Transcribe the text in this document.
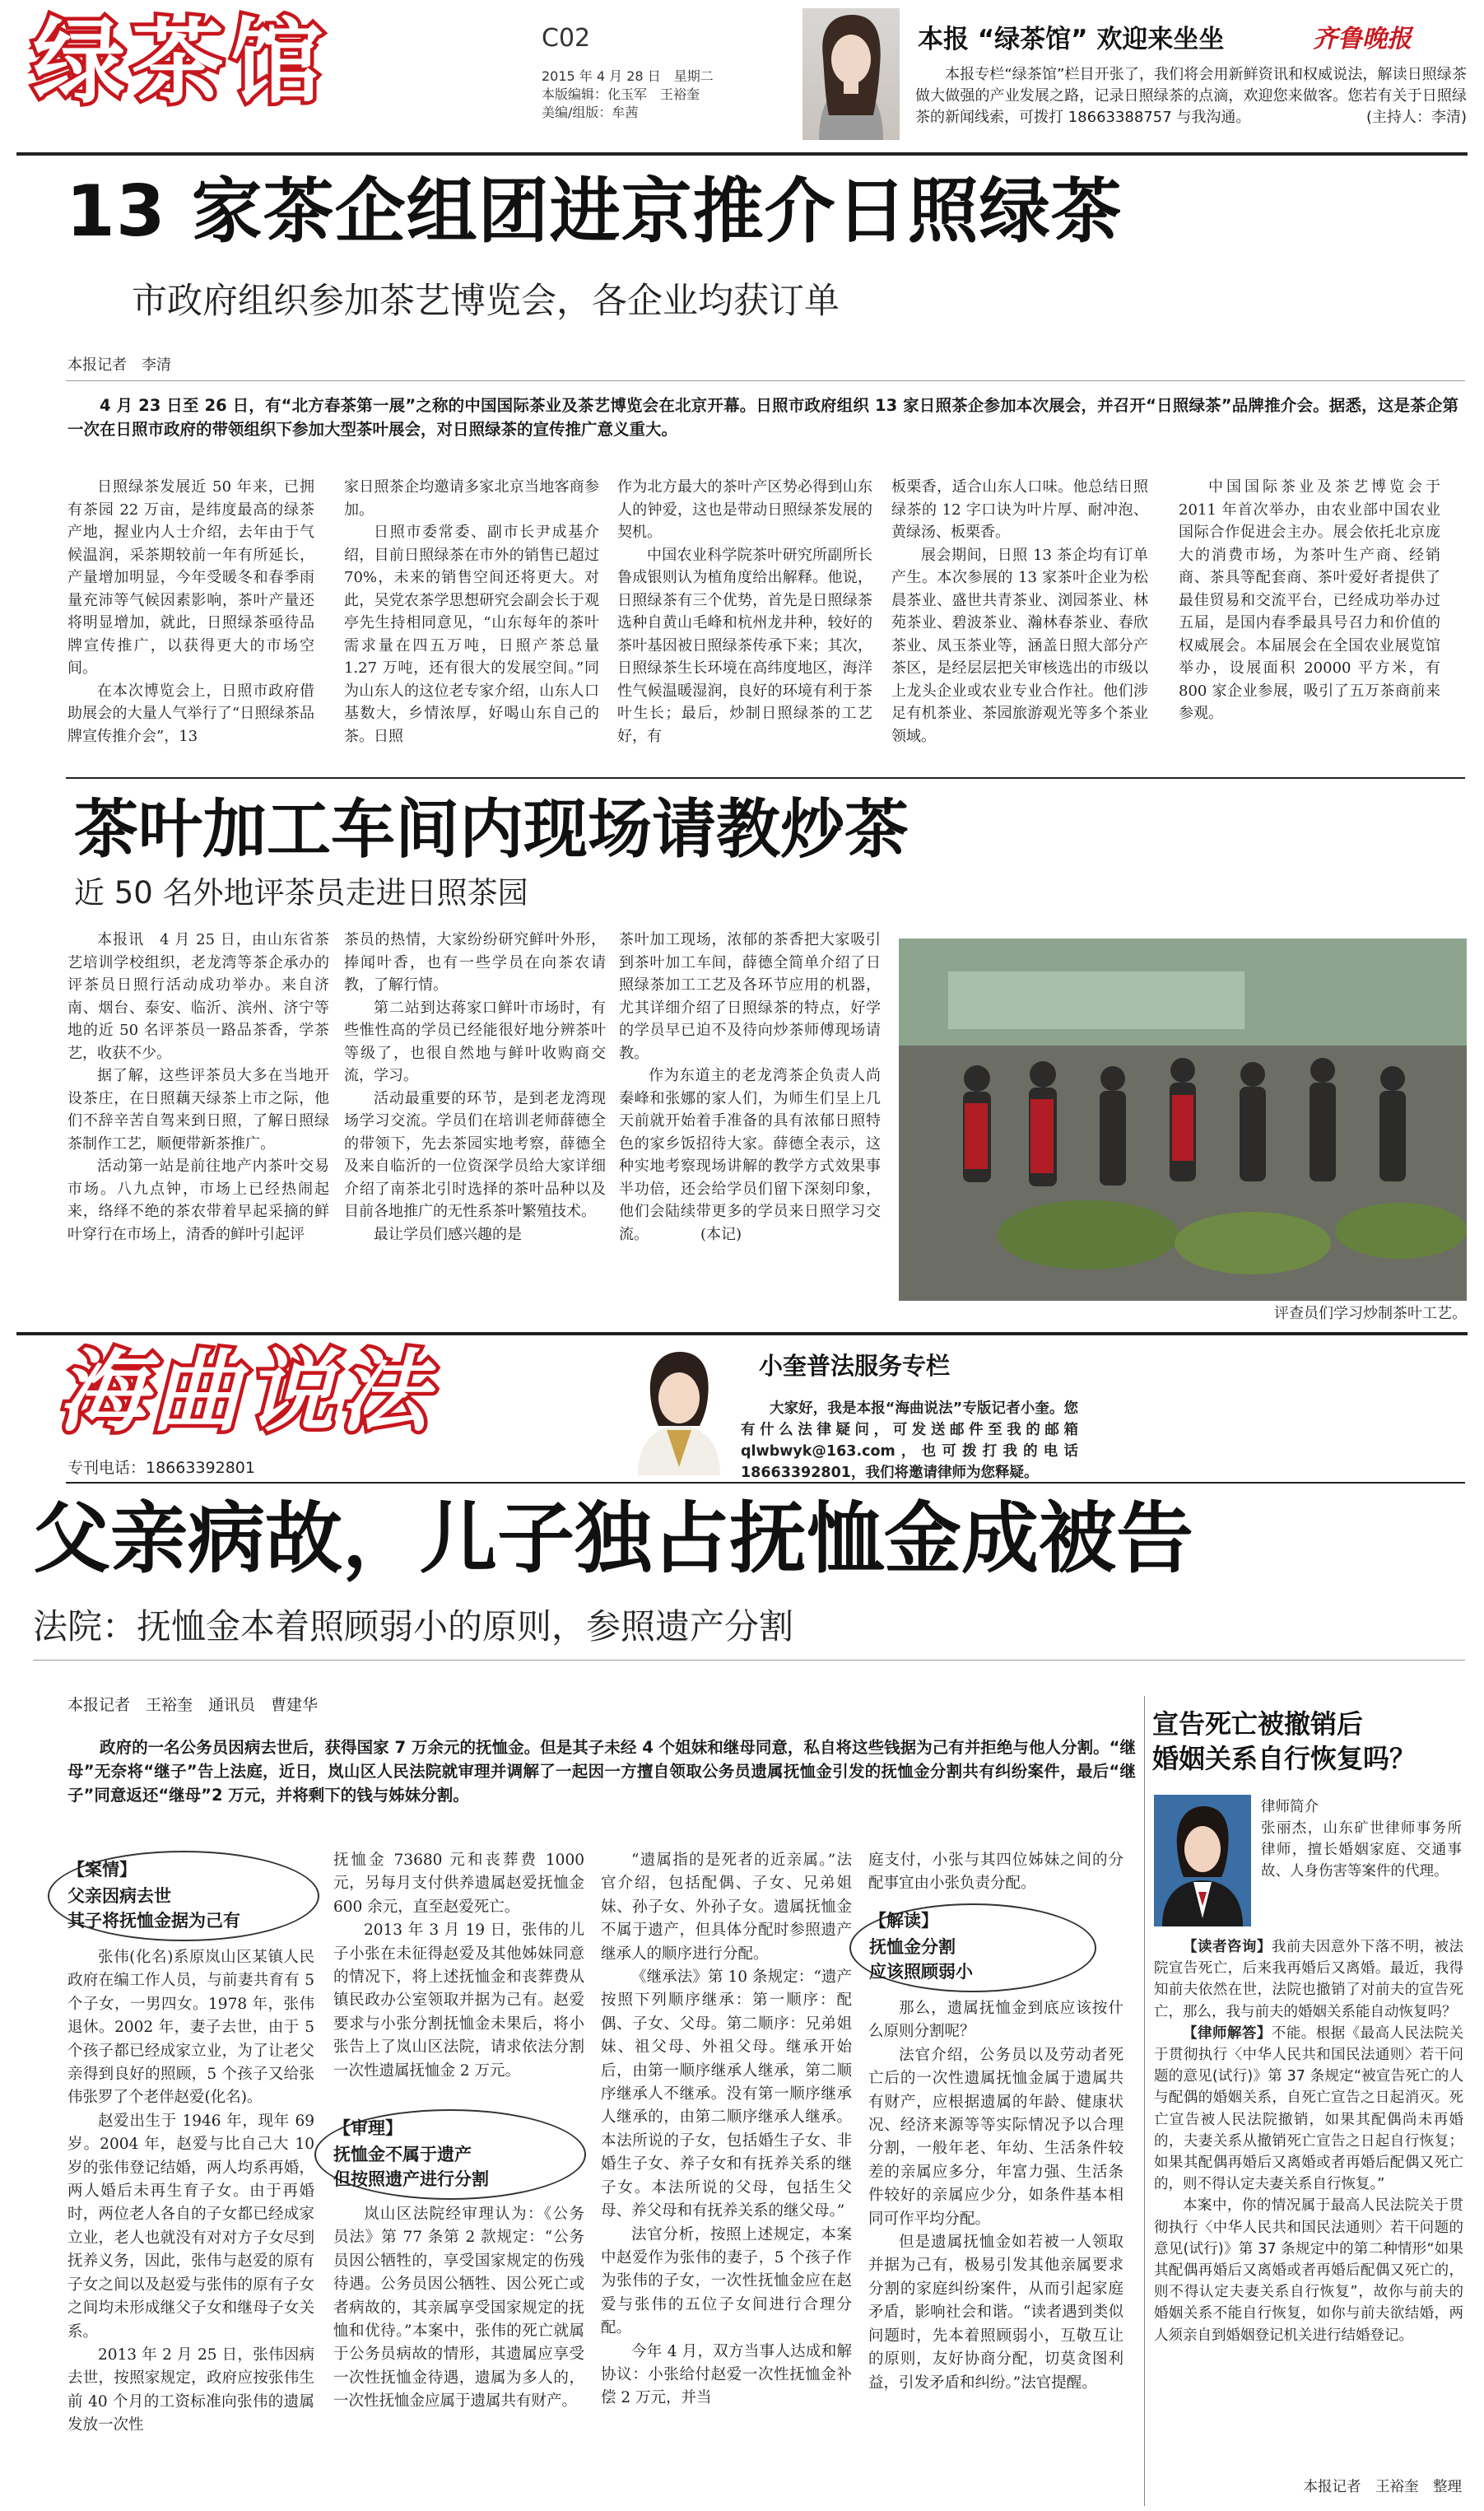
绿茶馆	C02
2015 年 4 月 28 日　星期二
本版编辑：化玉军　王裕奎
美编/组版：牟茜
本报 “绿茶馆” 欢迎来坐坐	齐鲁晚报
本报专栏“绿茶馆”栏目开张了，我们将会用新鲜资讯和权威说法，解读日照绿茶做大做强的产业发展之路，记录日照绿茶的点滴，欢迎您来做客。您若有关于日照绿茶的新闻线索，可拨打 18663388757 与我沟通。	(主持人：李清)
13 家茶企组团进京推介日照绿茶
市政府组织参加茶艺博览会，各企业均获订单
本报记者　李清
4 月 23 日至 26 日，有“北方春茶第一展”之称的中国国际茶业及茶艺博览会在北京开幕。日照市政府组织 13 家日照茶企参加本次展会，并召开“日照绿茶”品牌推介会。据悉，这是茶企第一次在日照市政府的带领组织下参加大型茶叶展会，对日照绿茶的宣传推广意义重大。

日照绿茶发展近 50 年来，已拥有茶园 22 万亩，是纬度最高的绿茶产地，握业内人士介绍，去年由于气候温润，采茶期较前一年有所延长，产量增加明显，今年受暖冬和春季雨量充沛等气候因素影响，茶叶产量还将明显增加，就此，日照绿茶亟待品牌宣传推广，以获得更大的市场空间。

在本次博览会上，日照市政府借助展会的大量人气举行了“日照绿茶品牌宣传推介会”，13

家日照茶企均邀请多家北京当地客商参加。

日照市委常委、副市长尹成基介绍，目前日照绿茶在市外的销售已超过 70%，未来的销售空间还将更大。对此，吴党农茶学思想研究会副会长于观亭先生持相同意见，“山东每年的茶叶需求量在四五万吨，日照产茶总量 1.27 万吨，还有很大的发展空间。”同为山东人的这位老专家介绍，山东人口基数大，乡情浓厚，好喝山东自己的茶。日照

作为北方最大的茶叶产区势必得到山东人的钟爱，这也是带动日照绿茶发展的契机。

中国农业科学院茶叶研究所副所长鲁成银则认为植角度给出解释。他说，日照绿茶有三个优势，首先是日照绿茶选种自黄山毛峰和杭州龙井种，较好的茶叶基因被日照绿茶传承下来；其次，日照绿茶生长环境在高纬度地区，海洋性气候温暖湿润，良好的环境有利于茶叶生长；最后，炒制日照绿茶的工艺好，有

板栗香，适合山东人口味。他总结日照绿茶的 12 字口诀为叶片厚、耐冲泡、黄绿汤、板栗香。

展会期间，日照 13 茶企均有订单产生。本次参展的 13 家茶叶企业为松晨茶业、盛世共青茶业、浏园茶业、林苑茶业、碧波茶业、瀚林春茶业、春欣茶业、凤玉茶业等，涵盖日照大部分产茶区，是经层层把关审核选出的市级以上龙头企业或农业专业合作社。他们涉足有机茶业、茶园旅游观光等多个茶业领域。

中国国际茶业及茶艺博览会于 2011 年首次举办，由农业部中国农业国际合作促进会主办。展会依托北京庞大的消费市场，为茶叶生产商、经销商、茶具等配套商、茶叶爱好者提供了最佳贸易和交流平台，已经成功举办过五届，是国内春季最具号召力和价值的权威展会。本届展会在全国农业展览馆举办，设展面积 20000 平方米，有 800 家企业参展，吸引了五万茶商前来参观。

茶叶加工车间内现场请教炒茶
近 50 名外地评茶员走进日照茶园

本报讯　4 月 25 日，由山东省茶艺培训学校组织，老龙湾等茶企承办的评茶员日照行活动成功举办。来自济南、烟台、泰安、临沂、滨州、济宁等地的近 50 名评茶员一路品茶香，学茶艺，收获不少。

据了解，这些评茶员大多在当地开设茶庄，在日照藕天绿茶上市之际，他们不辞辛苦自驾来到日照，了解日照绿茶制作工艺，顺便带新茶推广。

活动第一站是前往地产内茶叶交易市场。八九点钟，市场上已经热闹起来，络绎不绝的茶农带着早起采摘的鲜叶穿行在市场上，清香的鲜叶引起评

茶员的热情，大家纷纷研究鲜叶外形，捧闻叶香，也有一些学员在向茶农请教，了解行情。

第二站到达蒋家口鲜叶市场时，有些惟性高的学员已经能很好地分辨茶叶等级了，也很自然地与鲜叶收购商交流，学习。

活动最重要的环节，是到老龙湾现场学习交流。学员们在培训老师薛德全的带领下，先去茶园实地考察，薛德全及来自临沂的一位资深学员给大家详细介绍了南茶北引时选择的茶叶品种以及目前各地推广的无性系茶叶繁殖技术。

最让学员们感兴趣的是

茶叶加工现场，浓郁的茶香把大家吸引到茶叶加工车间，薛德全简单介绍了日照绿茶加工工艺及各环节应用的机器，尤其详细介绍了日照绿茶的特点，好学的学员早已迫不及待向炒茶师傅现场请教。

作为东道主的老龙湾茶企负责人尚秦峰和张娜的家人们，为师生们呈上几天前就开始着手准备的具有浓郁日照特色的家乡饭招待大家。薛德全表示，这种实地考察现场讲解的教学方式效果事半功倍，还会给学员们留下深刻印象，他们会陆续带更多的学员来日照学习交流。　　　　(本记)

评查员们学习炒制茶叶工艺。
海曲说法
专刊电话：18663392801
小奎普法服务专栏
大家好，我是本报“海曲说法”专版记者小奎。您有什么法律疑问，可发送邮件至我的邮箱 qlwbwyk@163.com，也可拨打我的电话 18663392801，我们将邀请律师为您释疑。
父亲病故，儿子独占抚恤金成被告
法院：抚恤金本着照顾弱小的原则，参照遗产分割
本报记者　王裕奎　通讯员　曹建华
政府的一名公务员因病去世后，获得国家 7 万余元的抚恤金。但是其子未经 4 个姐妹和继母同意，私自将这些钱据为己有并拒绝与他人分割。“继母”无奈将“继子”告上法庭，近日，岚山区人民法院就审理并调解了一起因一方擅自领取公务员遗属抚恤金引发的抚恤金分割共有纠纷案件，最后“继子”同意返还“继母”2 万元，并将剩下的钱与姊妹分割。
【案情】
父亲因病去世
其子将抚恤金据为己有

张伟(化名)系原岚山区某镇人民政府在编工作人员，与前妻共育有 5 个子女，一男四女。1978 年，张伟退休。2002 年，妻子去世，由于 5 个孩子都已经成家立业，为了让老父亲得到良好的照顾，5 个孩子又给张伟张罗了个老伴赵爱(化名)。

赵爱出生于 1946 年，现年 69 岁。2004 年，赵爱与比自己大 10 岁的张伟登记结婚，两人均系再婚，两人婚后未再生育子女。由于再婚时，两位老人各自的子女都已经成家立业，老人也就没有对对方子女尽到抚养义务，因此，张伟与赵爱的原有子女之间以及赵爱与张伟的原有子女之间均未形成继父子女和继母子女关系。

2013 年 2 月 25 日，张伟因病去世，按照家规定，政府应按张伟生前 40 个月的工资标准向张伟的遗属发放一次性

抚恤金 73680 元和丧葬费 1000 元，另每月支付供养遗属赵爱抚恤金 600 余元，直至赵爱死亡。

2013 年 3 月 19 日，张伟的儿子小张在未征得赵爱及其他姊妹同意的情况下，将上述抚恤金和丧葬费从镇民政办公室领取并据为己有。赵爱要求与小张分割抚恤金未果后，将小张告上了岚山区法院，请求依法分割一次性遗属抚恤金 2 万元。

【审理】
抚恤金不属于遗产
但按照遗产进行分割

岚山区法院经审理认为：《公务员法》第 77 条第 2 款规定：“公务员因公牺牲的，享受国家规定的伤残待遇。公务员因公牺牲、因公死亡或者病故的，其亲属享受国家规定的抚恤和优待。”本案中，张伟的死亡就属于公务员病故的情形，其遗属应享受一次性抚恤金待遇，遗属为多人的，一次性抚恤金应属于遗属共有财产。

“遗属指的是死者的近亲属。”法官介绍，包括配偶、子女、兄弟姐妹、孙子女、外孙子女。遗属抚恤金不属于遗产，但具体分配时参照遗产继承人的顺序进行分配。

《继承法》第 10 条规定：“遗产按照下列顺序继承：第一顺序：配偶、子女、父母。第二顺序：兄弟姐妹、祖父母、外祖父母。继承开始后，由第一顺序继承人继承，第二顺序继承人不继承。没有第一顺序继承人继承的，由第二顺序继承人继承。本法所说的子女，包括婚生子女、非婚生子女、养子女和有抚养关系的继子女。本法所说的父母，包括生父母、养父母和有抚养关系的继父母。”

法官分析，按照上述规定，本案中赵爱作为张伟的妻子，5 个孩子作为张伟的子女，一次性抚恤金应在赵爱与张伟的五位子女间进行合理分配。

今年 4 月，双方当事人达成和解协议：小张给付赵爱一次性抚恤金补偿 2 万元，并当

庭支付，小张与其四位姊妹之间的分配事宜由小张负责分配。

【解读】
抚恤金分割
应该照顾弱小

那么，遗属抚恤金到底应该按什么原则分割呢？

法官介绍，公务员以及劳动者死亡后的一次性遗属抚恤金属于遗属共有财产，应根据遗属的年龄、健康状况、经济来源等等实际情况予以合理分割，一般年老、年幼、生活条件较差的亲属应多分，年富力强、生活条件较好的亲属应少分，如条件基本相同可作平均分配。

但是遗属抚恤金如若被一人领取并据为己有，极易引发其他亲属要求分割的家庭纠纷案件，从而引起家庭矛盾，影响社会和谐。“读者遇到类似问题时，先本着照顾弱小，互敬互让的原则，友好协商分配，切莫贪图利益，引发矛盾和纠纷。”法官提醒。

宣告死亡被撤销后
婚姻关系自行恢复吗？
律师简介
张丽杰，山东矿世律师事务所律师，擅长婚姻家庭、交通事故、人身伤害等案件的代理。

【读者咨询】我前夫因意外下落不明，被法院宣告死亡，后来我再婚后又离婚。最近，我得知前夫依然在世，法院也撤销了对前夫的宣告死亡，那么，我与前夫的婚姻关系能自动恢复吗？

【律师解答】不能。根据《最高人民法院关于贯彻执行〈中华人民共和国民法通则〉若干问题的意见(试行)》第 37 条规定“被宣告死亡的人与配偶的婚姻关系，自死亡宣告之日起消灭。死亡宣告被人民法院撤销，如果其配偶尚未再婚的，夫妻关系从撤销死亡宣告之日起自行恢复；如果其配偶再婚后又离婚或者再婚后配偶又死亡的，则不得认定夫妻关系自行恢复。”

本案中，你的情况属于最高人民法院关于贯彻执行〈中华人民共和国民法通则〉若干问题的意见(试行)》第 37 条规定中的第二种情形“如果其配偶再婚后又离婚或者再婚后配偶又死亡的，则不得认定夫妻关系自行恢复”，故你与前夫的婚姻关系不能自行恢复，如你与前夫欲结婚，两人须亲自到婚姻登记机关进行结婚登记。

本报记者　王裕奎　整理
